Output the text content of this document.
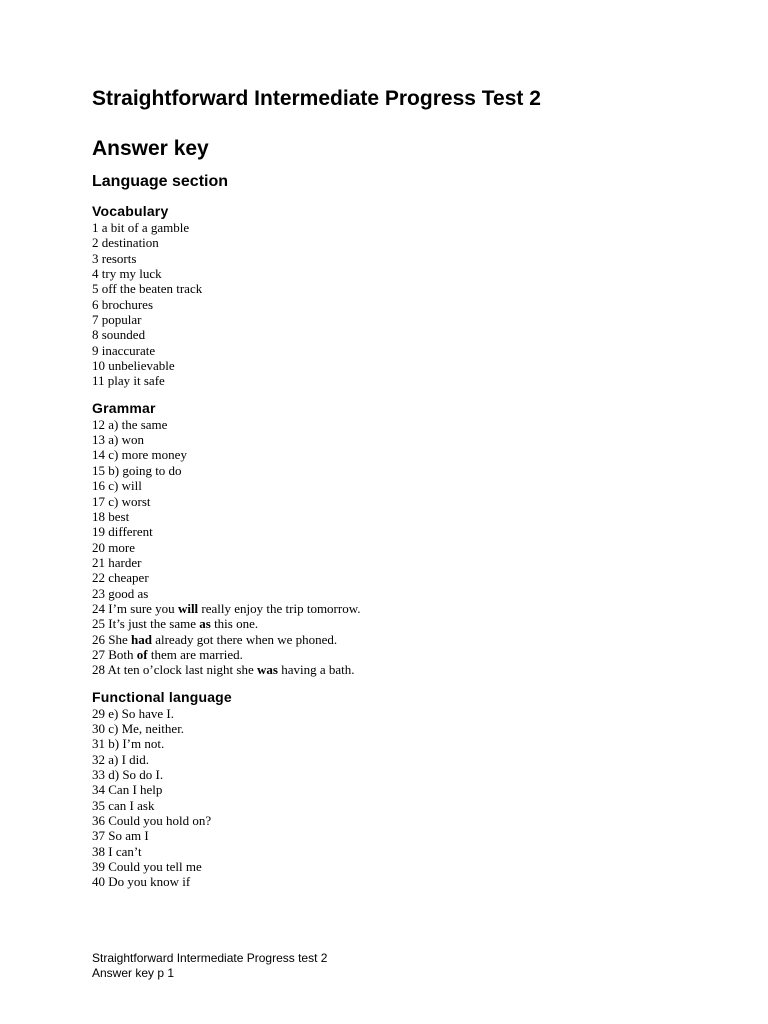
Straightforward Intermediate Progress Test 2
Answer key
Language section
Vocabulary
1 a bit of a gamble
2 destination
3 resorts
4 try my luck
5 off the beaten track
6 brochures
7 popular
8 sounded
9 inaccurate
10 unbelievable
11 play it safe
Grammar
12 a) the same
13 a) won
14 c) more money
15 b) going to do
16 c) will
17 c) worst
18 best
19 different
20 more
21 harder
22 cheaper
23 good as
24 I’m sure you will really enjoy the trip tomorrow.
25 It’s just the same as this one.
26 She had already got there when we phoned.
27 Both of them are married.
28 At ten o’clock last night she was having a bath.
Functional language
29 e) So have I.
30 c) Me, neither.
31 b) I’m not.
32 a) I did.
33 d) So do I.
34 Can I help
35 can I ask
36 Could you hold on?
37 So am I
38 I can’t
39 Could you tell me
40 Do you know if
Straightforward Intermediate Progress test 2
Answer key p 1
